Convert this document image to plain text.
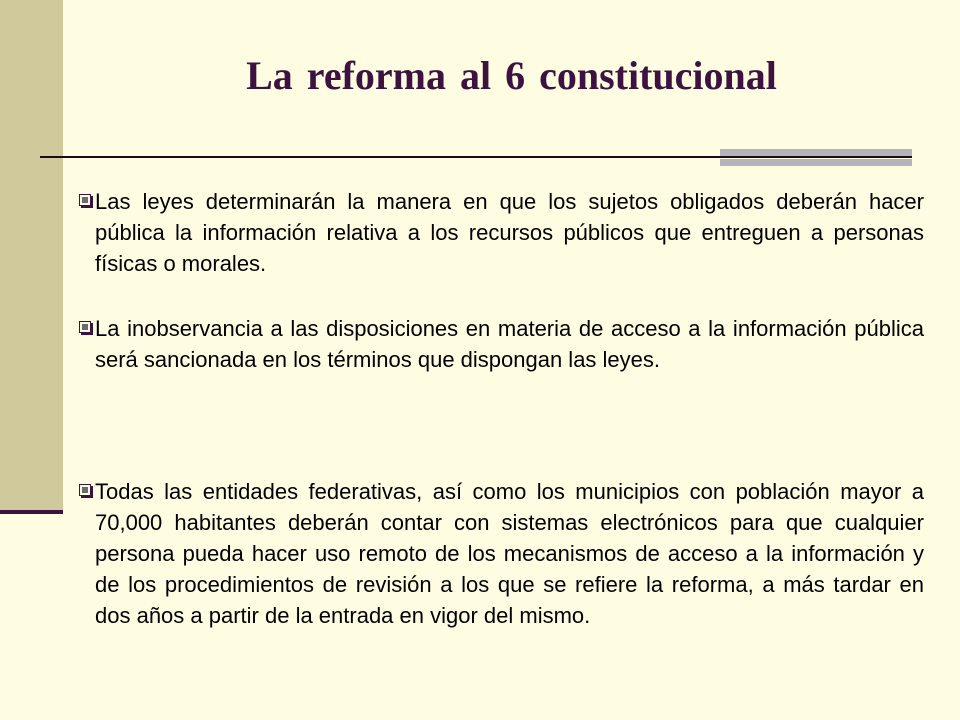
La reforma al 6 constitucional
Las leyes determinarán la manera en que los sujetos obligados deberán hacer pública la información relativa a los recursos públicos que entreguen a personas físicas o morales.
La inobservancia a las disposiciones en materia de acceso a la información pública será sancionada en los términos que dispongan las leyes.
Todas las entidades federativas, así como los municipios con población mayor a 70,000 habitantes deberán contar con sistemas electrónicos para que cualquier persona pueda hacer uso remoto de los mecanismos de acceso a la información y de los procedimientos de revisión a los que se refiere la reforma, a más tardar en dos años a partir de la entrada en vigor del mismo.
